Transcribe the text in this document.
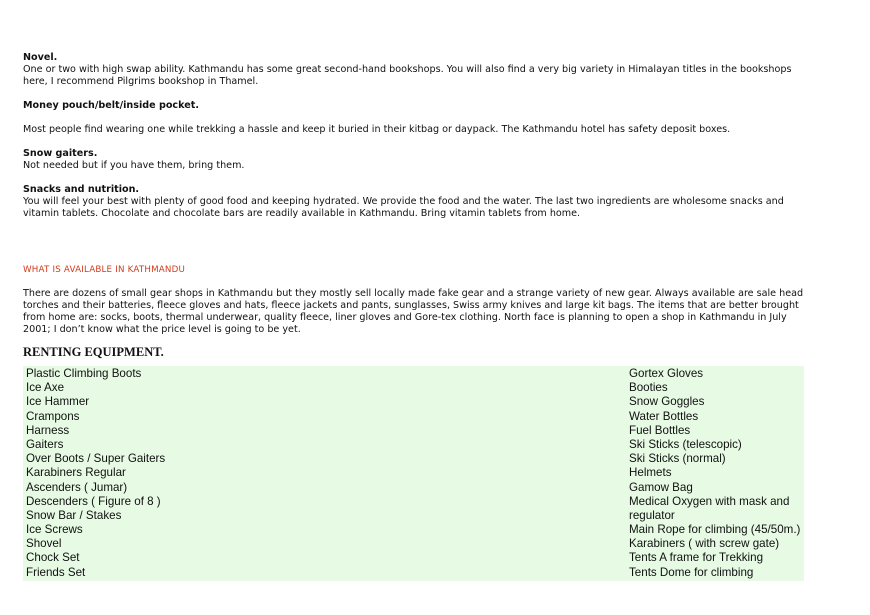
Novel.

One or two with high swap ability. Kathmandu has some great second-hand bookshops. You will also find a very big variety in Himalayan titles in the bookshops here, I recommend Pilgrims bookshop in Thamel.

Money pouch/belt/inside pocket.

Most people find wearing one while trekking a hassle and keep it buried in their kitbag or daypack. The Kathmandu hotel has safety deposit boxes.

Snow gaiters.

Not needed but if you have them, bring them.

Snacks and nutrition.

You will feel your best with plenty of good food and keeping hydrated. We provide the food and the water. The last two ingredients are wholesome snacks and vitamin tablets. Chocolate and chocolate bars are readily available in Kathmandu. Bring vitamin tablets from home.

WHAT IS AVAILABLE IN KATHMANDU

There are dozens of small gear shops in Kathmandu but they mostly sell locally made fake gear and a strange variety of new gear. Always available are sale head torches and their batteries, fleece gloves and hats, fleece jackets and pants, sunglasses, Swiss army knives and large kit bags. The items that are better brought from home are: socks, boots, thermal underwear, quality fleece, liner gloves and Gore-tex clothing. North face is planning to open a shop in Kathmandu in July 2001; I don’t know what the price level is going to be yet.

RENTING EQUIPMENT.
Plastic Climbing Boots
Ice Axe
Ice Hammer
Crampons
Harness
Gaiters
Over Boots / Super Gaiters
Karabiners Regular
Ascenders ( Jumar)
Descenders ( Figure of 8 )
Snow Bar / Stakes
Ice Screws
Shovel
Chock Set
Friends Set
Gortex Gloves
Booties
Snow Goggles
Water Bottles
Fuel Bottles
Ski Sticks (telescopic)
Ski Sticks (normal)
Helmets
Gamow Bag
Medical Oxygen with mask and
regulator
Main Rope for climbing (45/50m.)
Karabiners ( with screw gate)
Tents A frame for Trekking
Tents Dome for climbing
